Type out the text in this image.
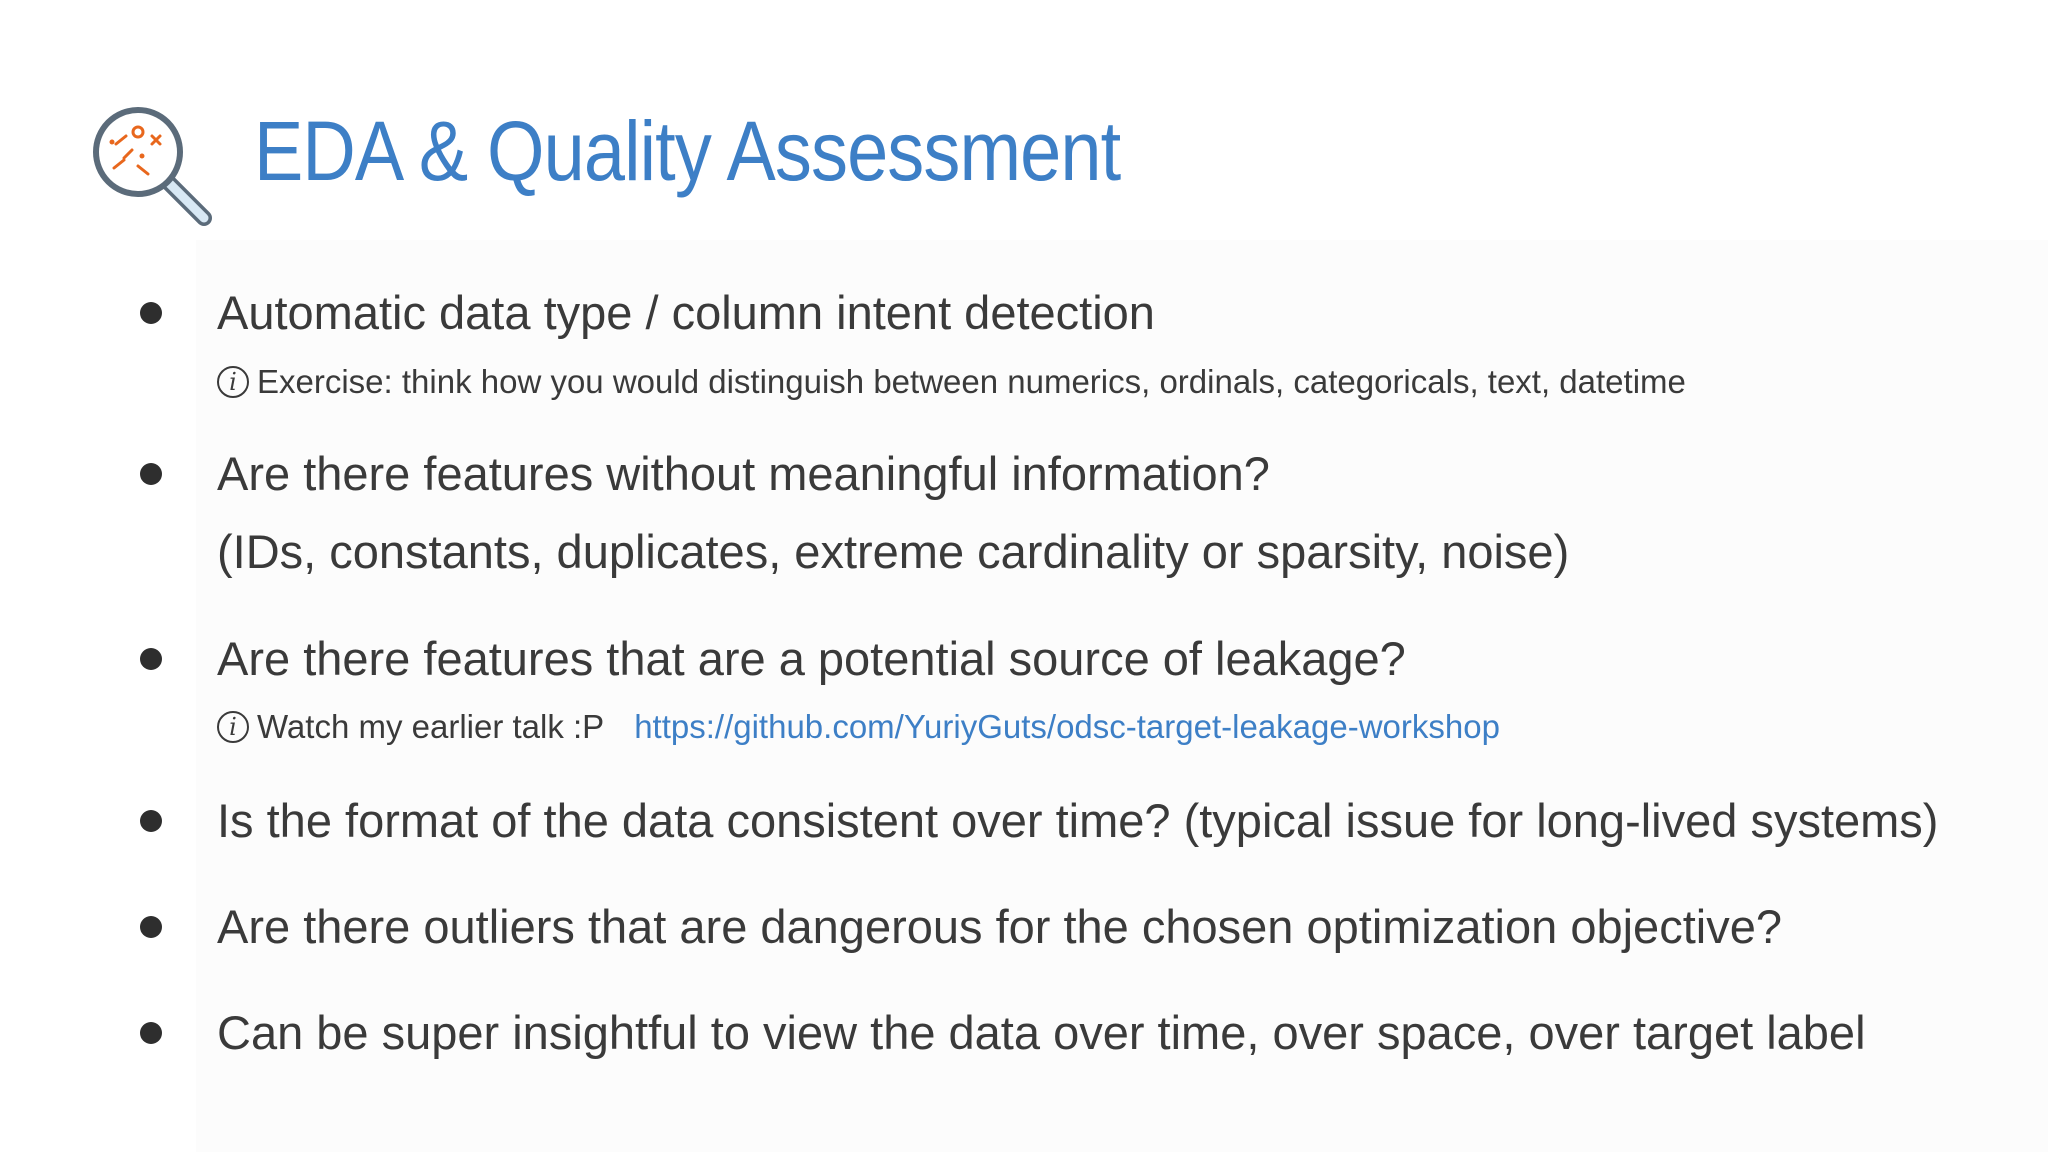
EDA & Quality Assessment

Automatic data type / column intent detection

i Exercise: think how you would distinguish between numerics, ordinals, categoricals, text, datetime

Are there features without meaningful information?

(IDs, constants, duplicates, extreme cardinality or sparsity, noise)

Are there features that are a potential source of leakage?

i Watch my earlier talk :P https://github.com/YuriyGuts/odsc-target-leakage-workshop

Is the format of the data consistent over time? (typical issue for long-lived systems)

Are there outliers that are dangerous for the chosen optimization objective?

Can be super insightful to view the data over time, over space, over target label
